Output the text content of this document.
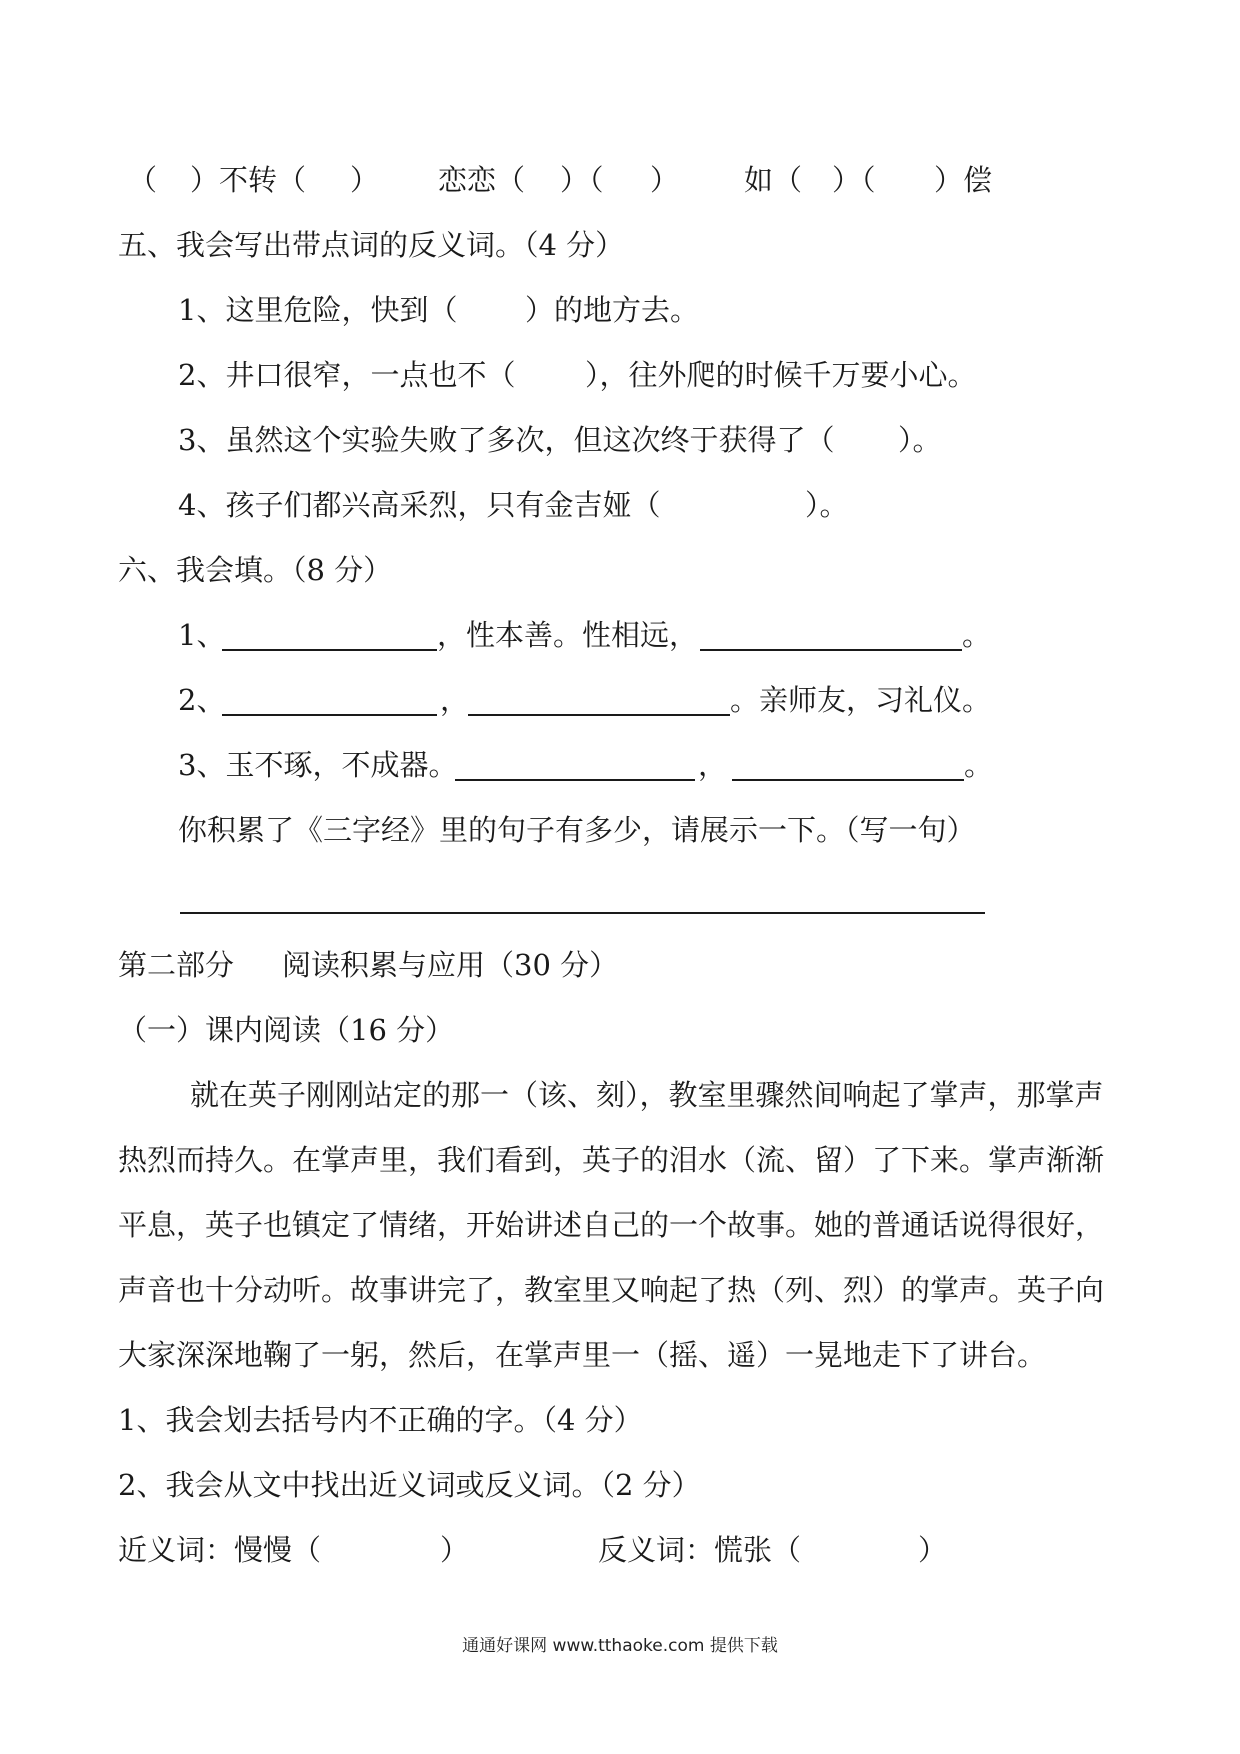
（ ）不转（ ） 恋恋（ ）（ ） 如（ ）（ ）偿
五、我会写出带点词的反义词。（4 分）
1、这里危险，快到（ ）的地方去。
2、井口很窄，一点也不（ ），往外爬的时候千万要小心。
3、虽然这个实验失败了多次，但这次终于获得了（ ）。
4、孩子们都兴高采烈，只有金吉娅（	）。
六、我会填。（8 分）
1、	，性本善。性相远，	。
2、	，	。亲师友，习礼仪。
3、玉不琢，不成器。	，	。
你积累了《三字经》里的句子有多少，请展示一下。（写一句）
第二部分 阅读积累与应用（30 分）
（一）课内阅读（16 分）
就在英子刚刚站定的那一（该、刻），教室里骤然间响起了掌声，那掌声
热烈而持久。在掌声里，我们看到，英子的泪水（流、留）了下来。掌声渐渐
平息，英子也镇定了情绪，开始讲述自己的一个故事。她的普通话说得很好，
声音也十分动听。故事讲完了，教室里又响起了热（列、烈）的掌声。英子向
大家深深地鞠了一躬，然后，在掌声里一（摇、遥）一晃地走下了讲台。
1、我会划去括号内不正确的字。（4 分）
2、我会从文中找出近义词或反义词。（2 分）
近义词：慢慢（	）	反义词：慌张（	）
通通好课网 www.tthaoke.com 提供下载
